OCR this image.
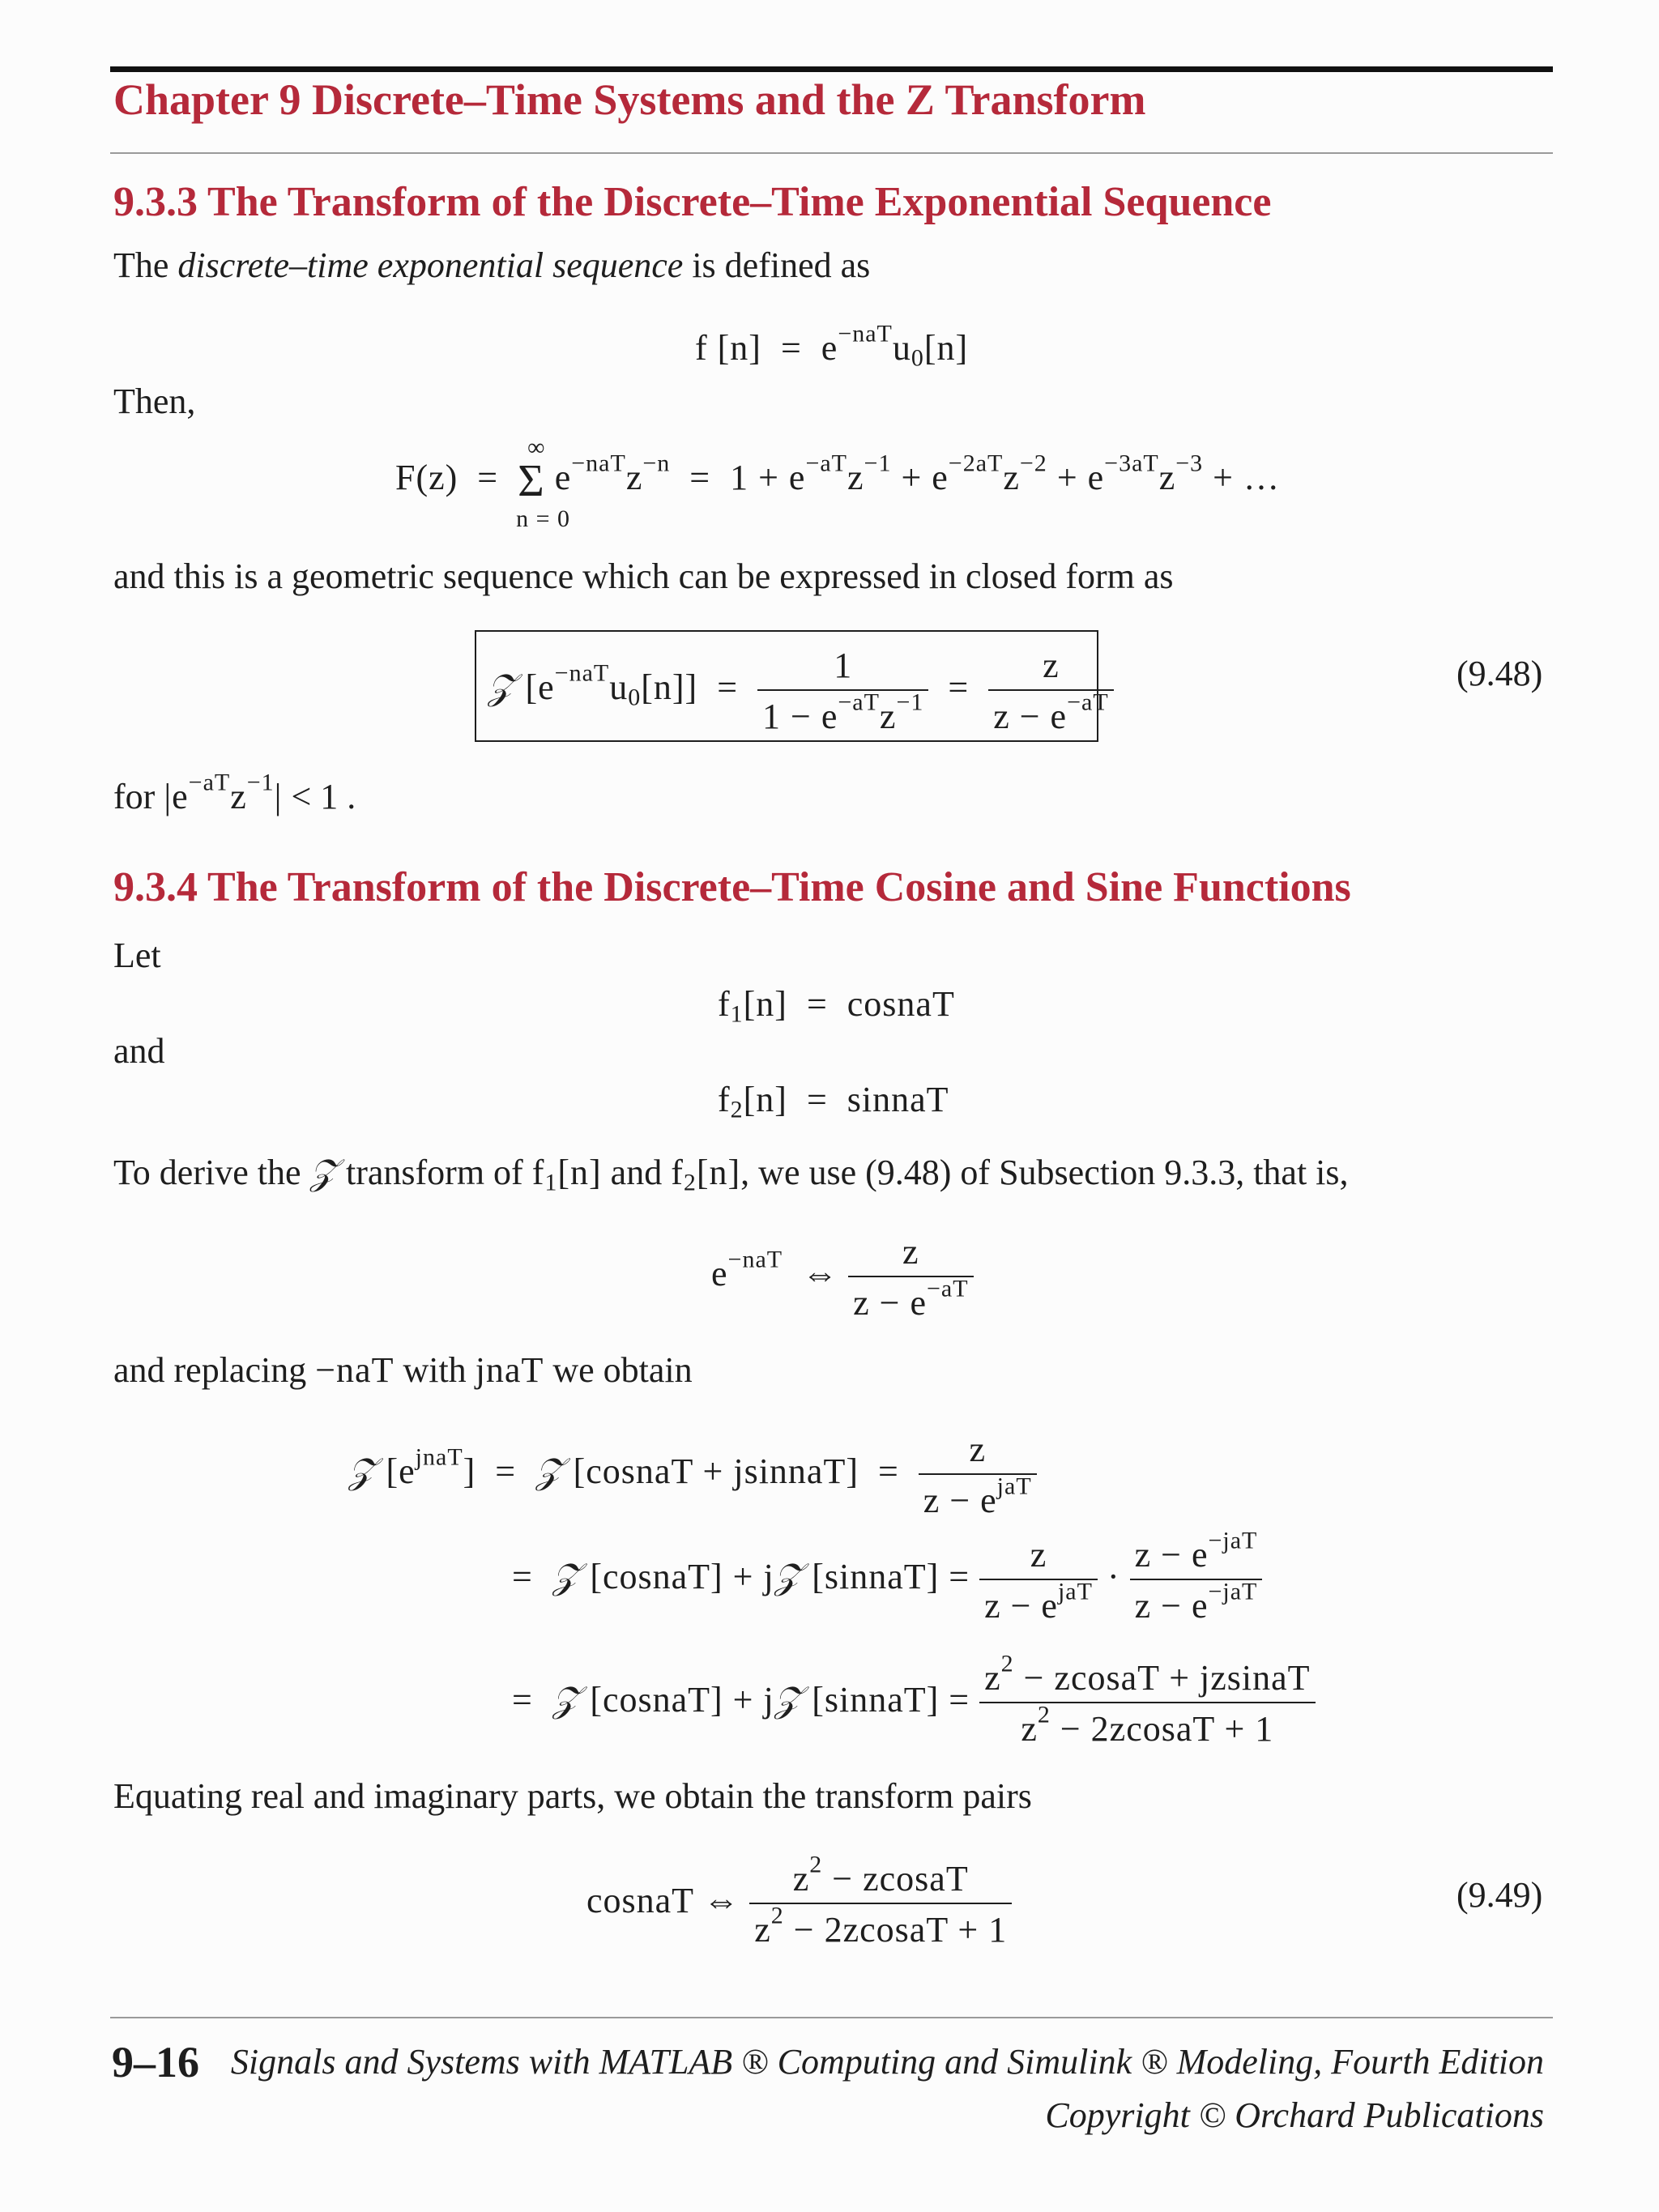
Chapter 9 Discrete–Time Systems and the Z Transform
9.3.3 The Transform of the Discrete–Time Exponential Sequence
The discrete–time exponential sequence is defined as
f $[n] = e^{-naT}u_0[n]$
Then,
F(z)  =
∞
Σ
n = 0
$e^{-naT}z^{-n} = 1 + e^{-aT}z^{-1} + e^{-2aT}z^{-2} + e^{-3aT}z^{-3}$ + …
and this is a geometric sequence which can be expressed in closed form as
𝒵 $[e^{-naT}u_0[n]] = \frac{1}{1 - e^{-aT}z^{-1}} = \frac{z}{z - e^{-aT}}$	(9.48)
for $|e^{-aT}z^{-1}| < 1$ .
9.3.4 The Transform of the Discrete–Time Cosine and Sine Functions
Let
$f_1[n]$  =  cosnaT
and
$f_2[n]$  =  sinnaT
To derive the 𝒵 transform of $f_1[n]$ and $f_2[n]$, we use (9.48) of Subsection 9.3.3, that is,
$e^{-naT}$  ⇔ $\frac{z}{z - e^{-aT}}$
and replacing −naT with jnaT we obtain
𝒵 $[e^{jnaT}]$  =  𝒵 [cosnaT + jsinnaT]  = $\frac{z}{z - e^{jaT}}$
=  𝒵 [cosnaT] + j𝒵 [sinnaT] = $\frac{z}{z - e^{jaT}} \cdot \frac{z - e^{-jaT}}{z - e^{-jaT}}$
=  𝒵 [cosnaT] + j𝒵 [sinnaT] = $\frac{z^2 - zcosaT + jzsinaT}{z^2 - 2zcosaT + 1}$
Equating real and imaginary parts, we obtain the transform pairs
cosnaT ⇔ $\frac{z^2 - zcosaT}{z^2 - 2zcosaT + 1}$	(9.49)
9–16 Signals and Systems with MATLAB ® Computing and Simulink ® Modeling, Fourth Edition
Copyright © Orchard Publications
